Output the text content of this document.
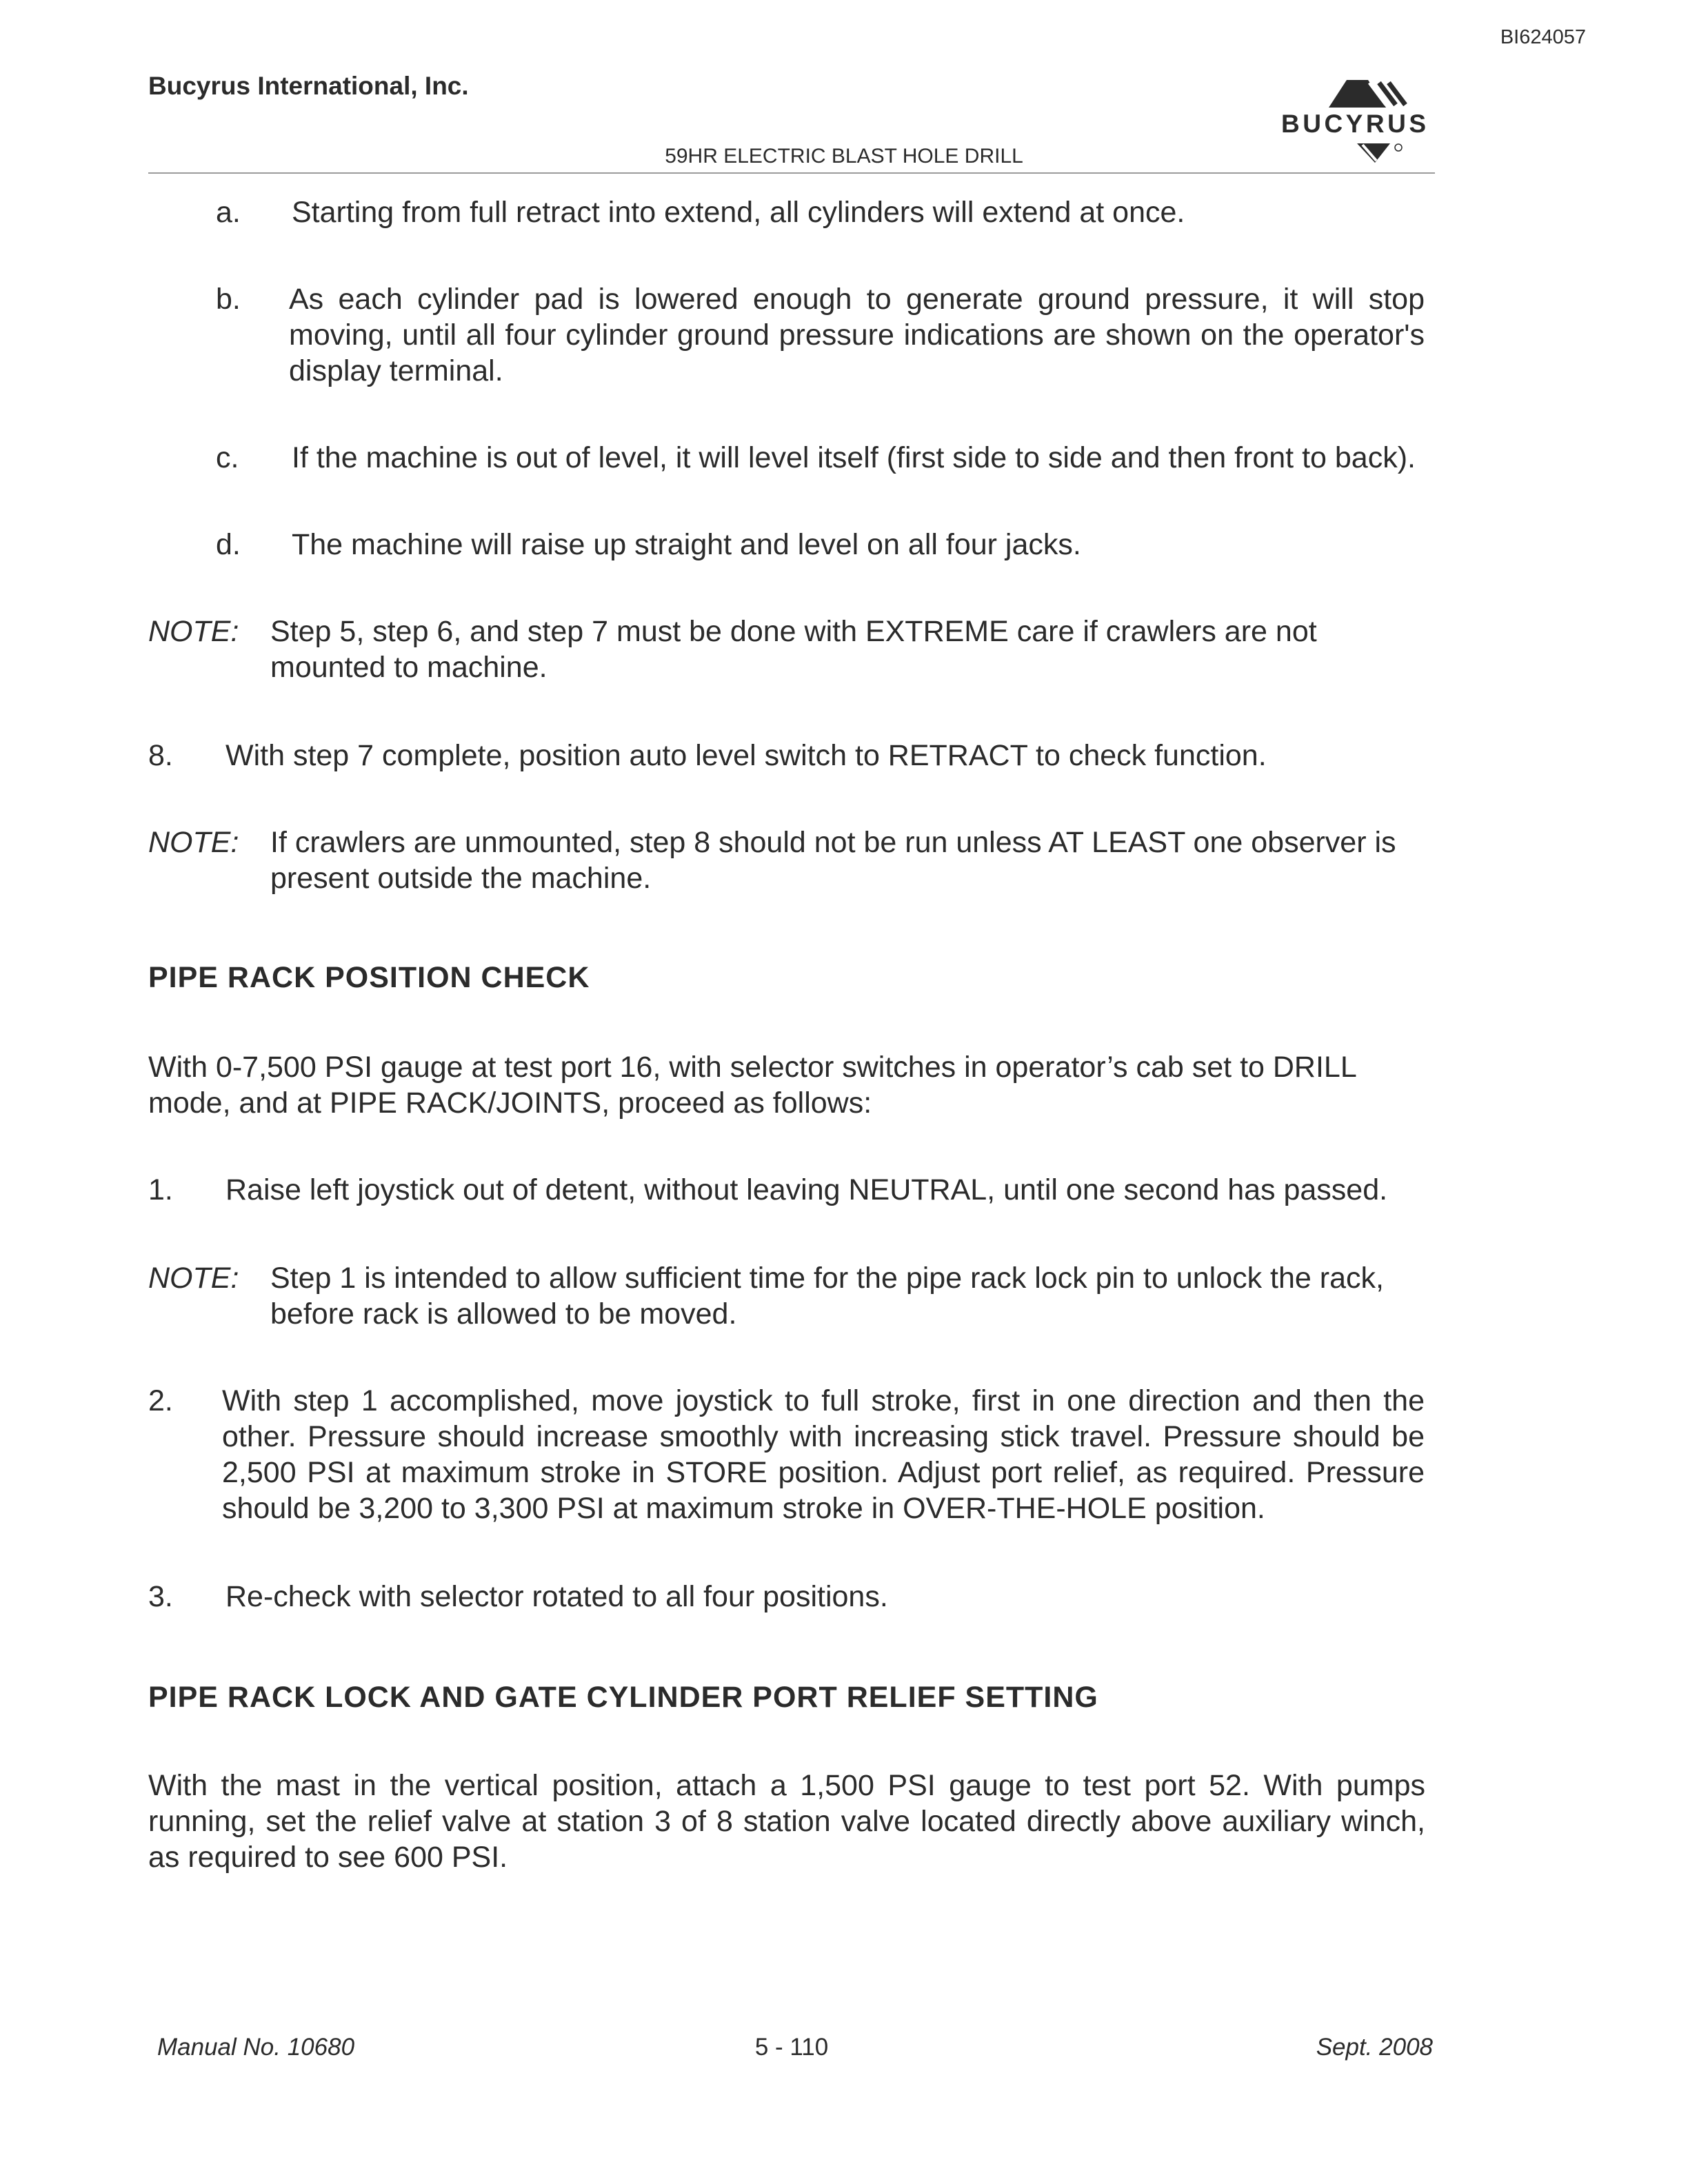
BI624057
Bucyrus International, Inc.
BUCYRUS
59HR ELECTRIC BLAST HOLE DRILL
a. Starting from full retract into extend, all cylinders will extend at once.
b. As each cylinder pad is lowered enough to generate ground pressure, it will stop moving, until all four cylinder ground pressure indications are shown on the operator's display terminal.
c. If the machine is out of level, it will level itself (first side to side and then front to back).
d. The machine will raise up straight and level on all four jacks.
NOTE: Step 5, step 6, and step 7 must be done with EXTREME care if crawlers are not mounted to machine.
8. With step 7 complete, position auto level switch to RETRACT to check function.
NOTE: If crawlers are unmounted, step 8 should not be run unless AT LEAST one observer is present outside the machine.
PIPE RACK POSITION CHECK
With 0-7,500 PSI gauge at test port 16, with selector switches in operator’s cab set to DRILL mode, and at PIPE RACK/JOINTS, proceed as follows:
1. Raise left joystick out of detent, without leaving NEUTRAL, until one second has passed.
NOTE: Step 1 is intended to allow sufficient time for the pipe rack lock pin to unlock the rack, before rack is allowed to be moved.
2. With step 1 accomplished, move joystick to full stroke, first in one direction and then the other. Pressure should increase smoothly with increasing stick travel. Pressure should be 2,500 PSI at maximum stroke in STORE position. Adjust port relief, as required. Pressure should be 3,200 to 3,300 PSI at maximum stroke in OVER-THE-HOLE position.
3. Re-check with selector rotated to all four positions.
PIPE RACK LOCK AND GATE CYLINDER PORT RELIEF SETTING
With the mast in the vertical position, attach a 1,500 PSI gauge to test port 52. With pumps running, set the relief valve at station 3 of 8 station valve located directly above auxiliary winch, as required to see 600 PSI.
Manual No. 10680	5 - 110	Sept. 2008
